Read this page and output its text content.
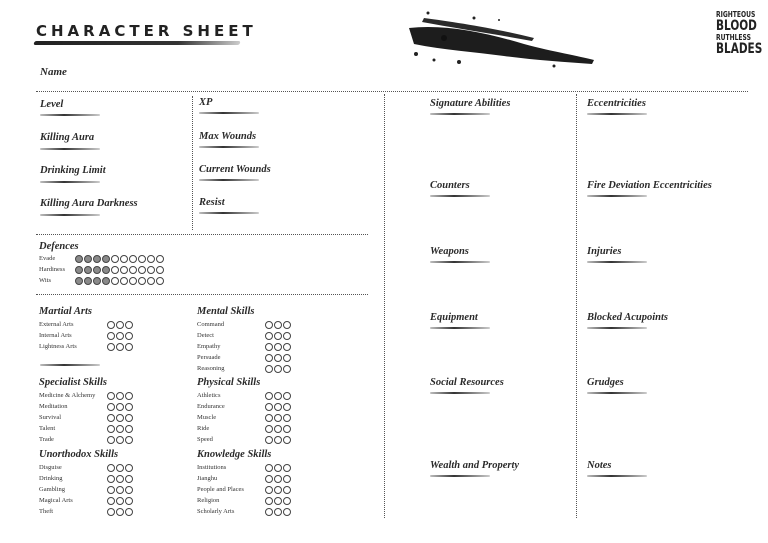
CHARACTER SHEET
RIGHTEOUS
BLOOD
RUTHLESS
BLADES
Name
Level
Killing Aura
Drinking Limit
Killing Aura Darkness
XP
Max Wounds
Current Wounds
Resist
Defences
Evade
Hardiness
Wits
Martial Arts
External Arts
Internal Arts
Lightness Arts
Mental Skills
Command
Detect
Empathy
Persuade
Reasoning
Specialist Skills
Medicine & Alchemy
Meditation
Survival
Talent
Trade
Physical Skills
Athletics
Endurance
Muscle
Ride
Speed
Unorthodox Skills
Disguise
Drinking
Gambling
Magical Arts
Theft
Knowledge Skills
Institutions
Jianghu
People and Places
Religion
Scholarly Arts
Signature Abilities
Counters
Weapons
Equipment
Social Resources
Wealth and Property
Eccentricities
Fire Deviation Eccentricities
Injuries
Blocked Acupoints
Grudges
Notes
